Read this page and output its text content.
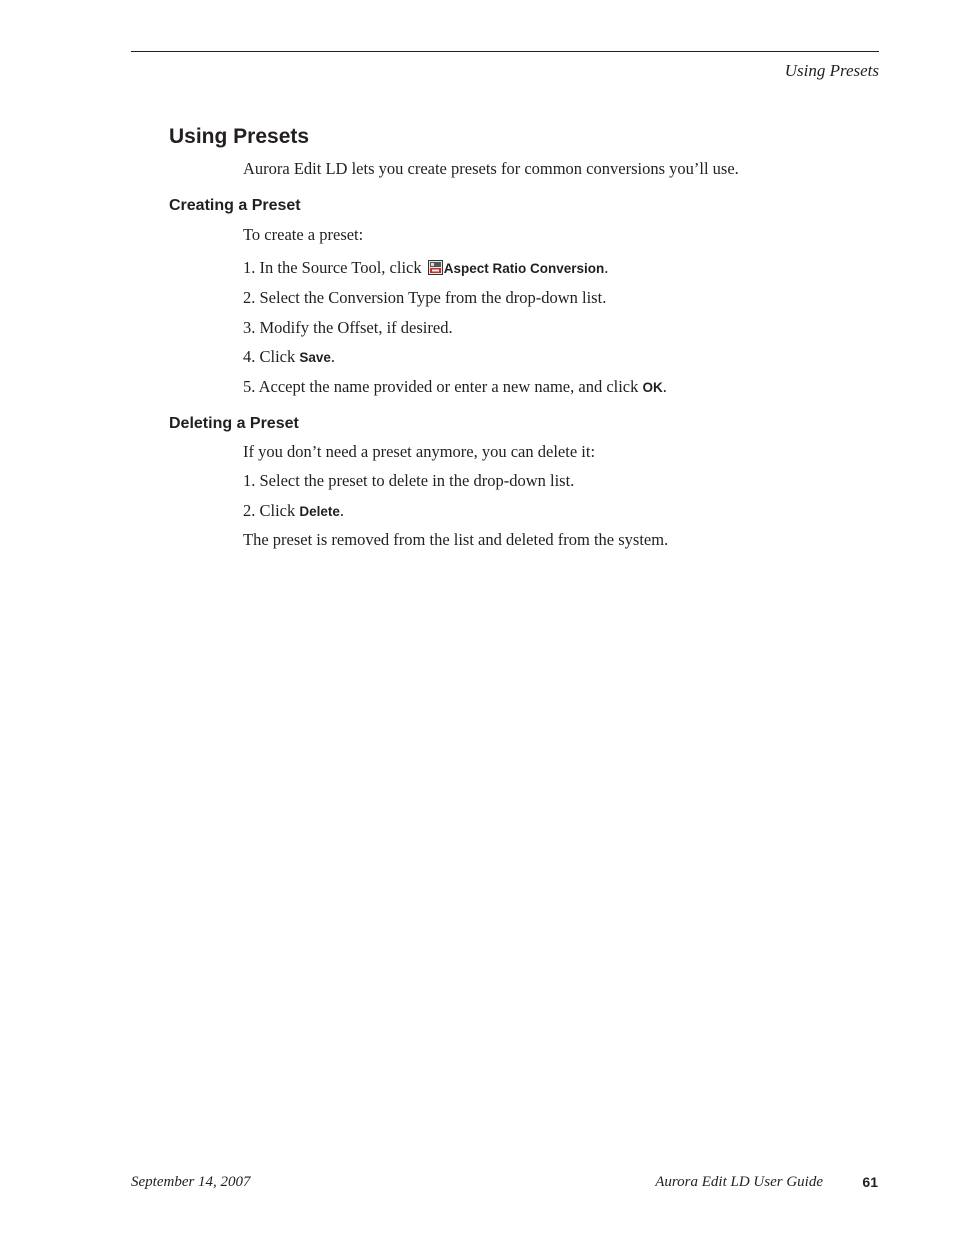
Using Presets
Using Presets

Aurora Edit LD lets you create presets for common conversions you’ll use.

Creating a Preset

To create a preset:

1. In the Source Tool, click Aspect Ratio Conversion.

2. Select the Conversion Type from the drop-down list.

3. Modify the Offset, if desired.

4. Click Save.

5. Accept the name provided or enter a new name, and click OK.

Deleting a Preset

If you don’t need a preset anymore, you can delete it:

1. Select the preset to delete in the drop-down list.

2. Click Delete.

The preset is removed from the list and deleted from the system.

September 14, 2007	Aurora Edit LD User Guide	61
